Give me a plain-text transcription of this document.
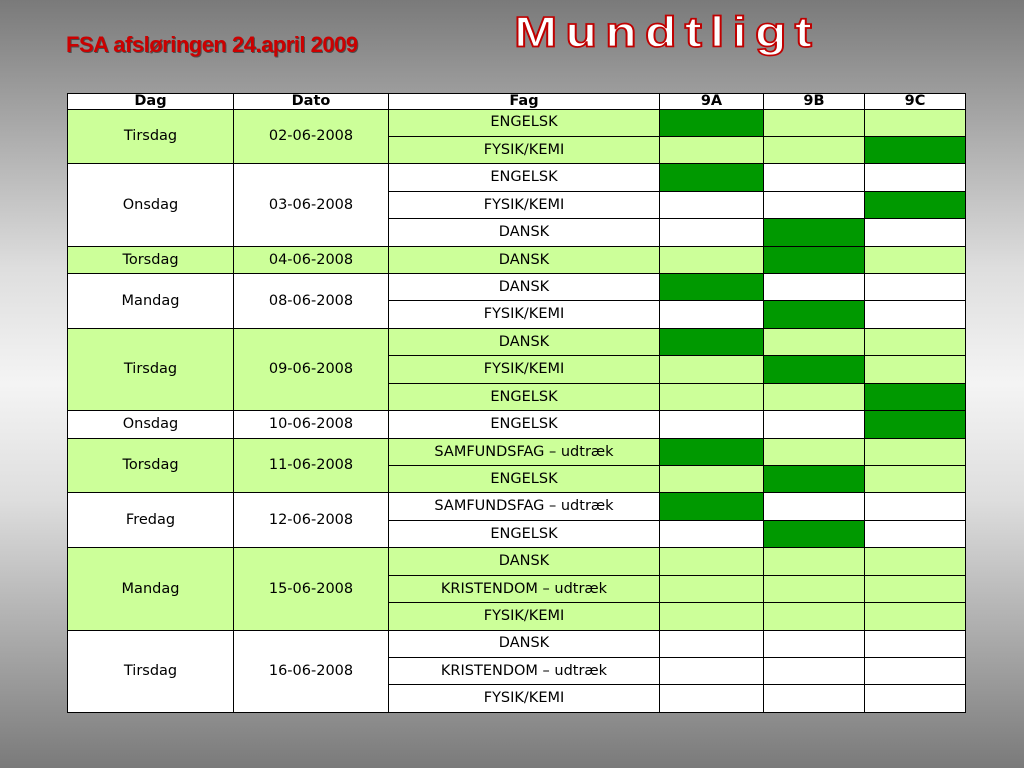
FSA afsløringen 24.april 2009	Mundtligt
Dag	Dato	Fag	9A	9B	9C
Tirsdag	02-06-2008	ENGELSK			
		FYSIK/KEMI			
Onsdag	03-06-2008	ENGELSK			
		FYSIK/KEMI			
		DANSK			
Torsdag	04-06-2008	DANSK			
Mandag	08-06-2008	DANSK			
		FYSIK/KEMI			
Tirsdag	09-06-2008	DANSK			
		FYSIK/KEMI			
		ENGELSK			
Onsdag	10-06-2008	ENGELSK			
Torsdag	11-06-2008	SAMFUNDSFAG – udtræk			
		ENGELSK			
Fredag	12-06-2008	SAMFUNDSFAG – udtræk			
		ENGELSK			
Mandag	15-06-2008	DANSK			
		KRISTENDOM – udtræk			
		FYSIK/KEMI			
Tirsdag	16-06-2008	DANSK			
		KRISTENDOM – udtræk			
		FYSIK/KEMI			
